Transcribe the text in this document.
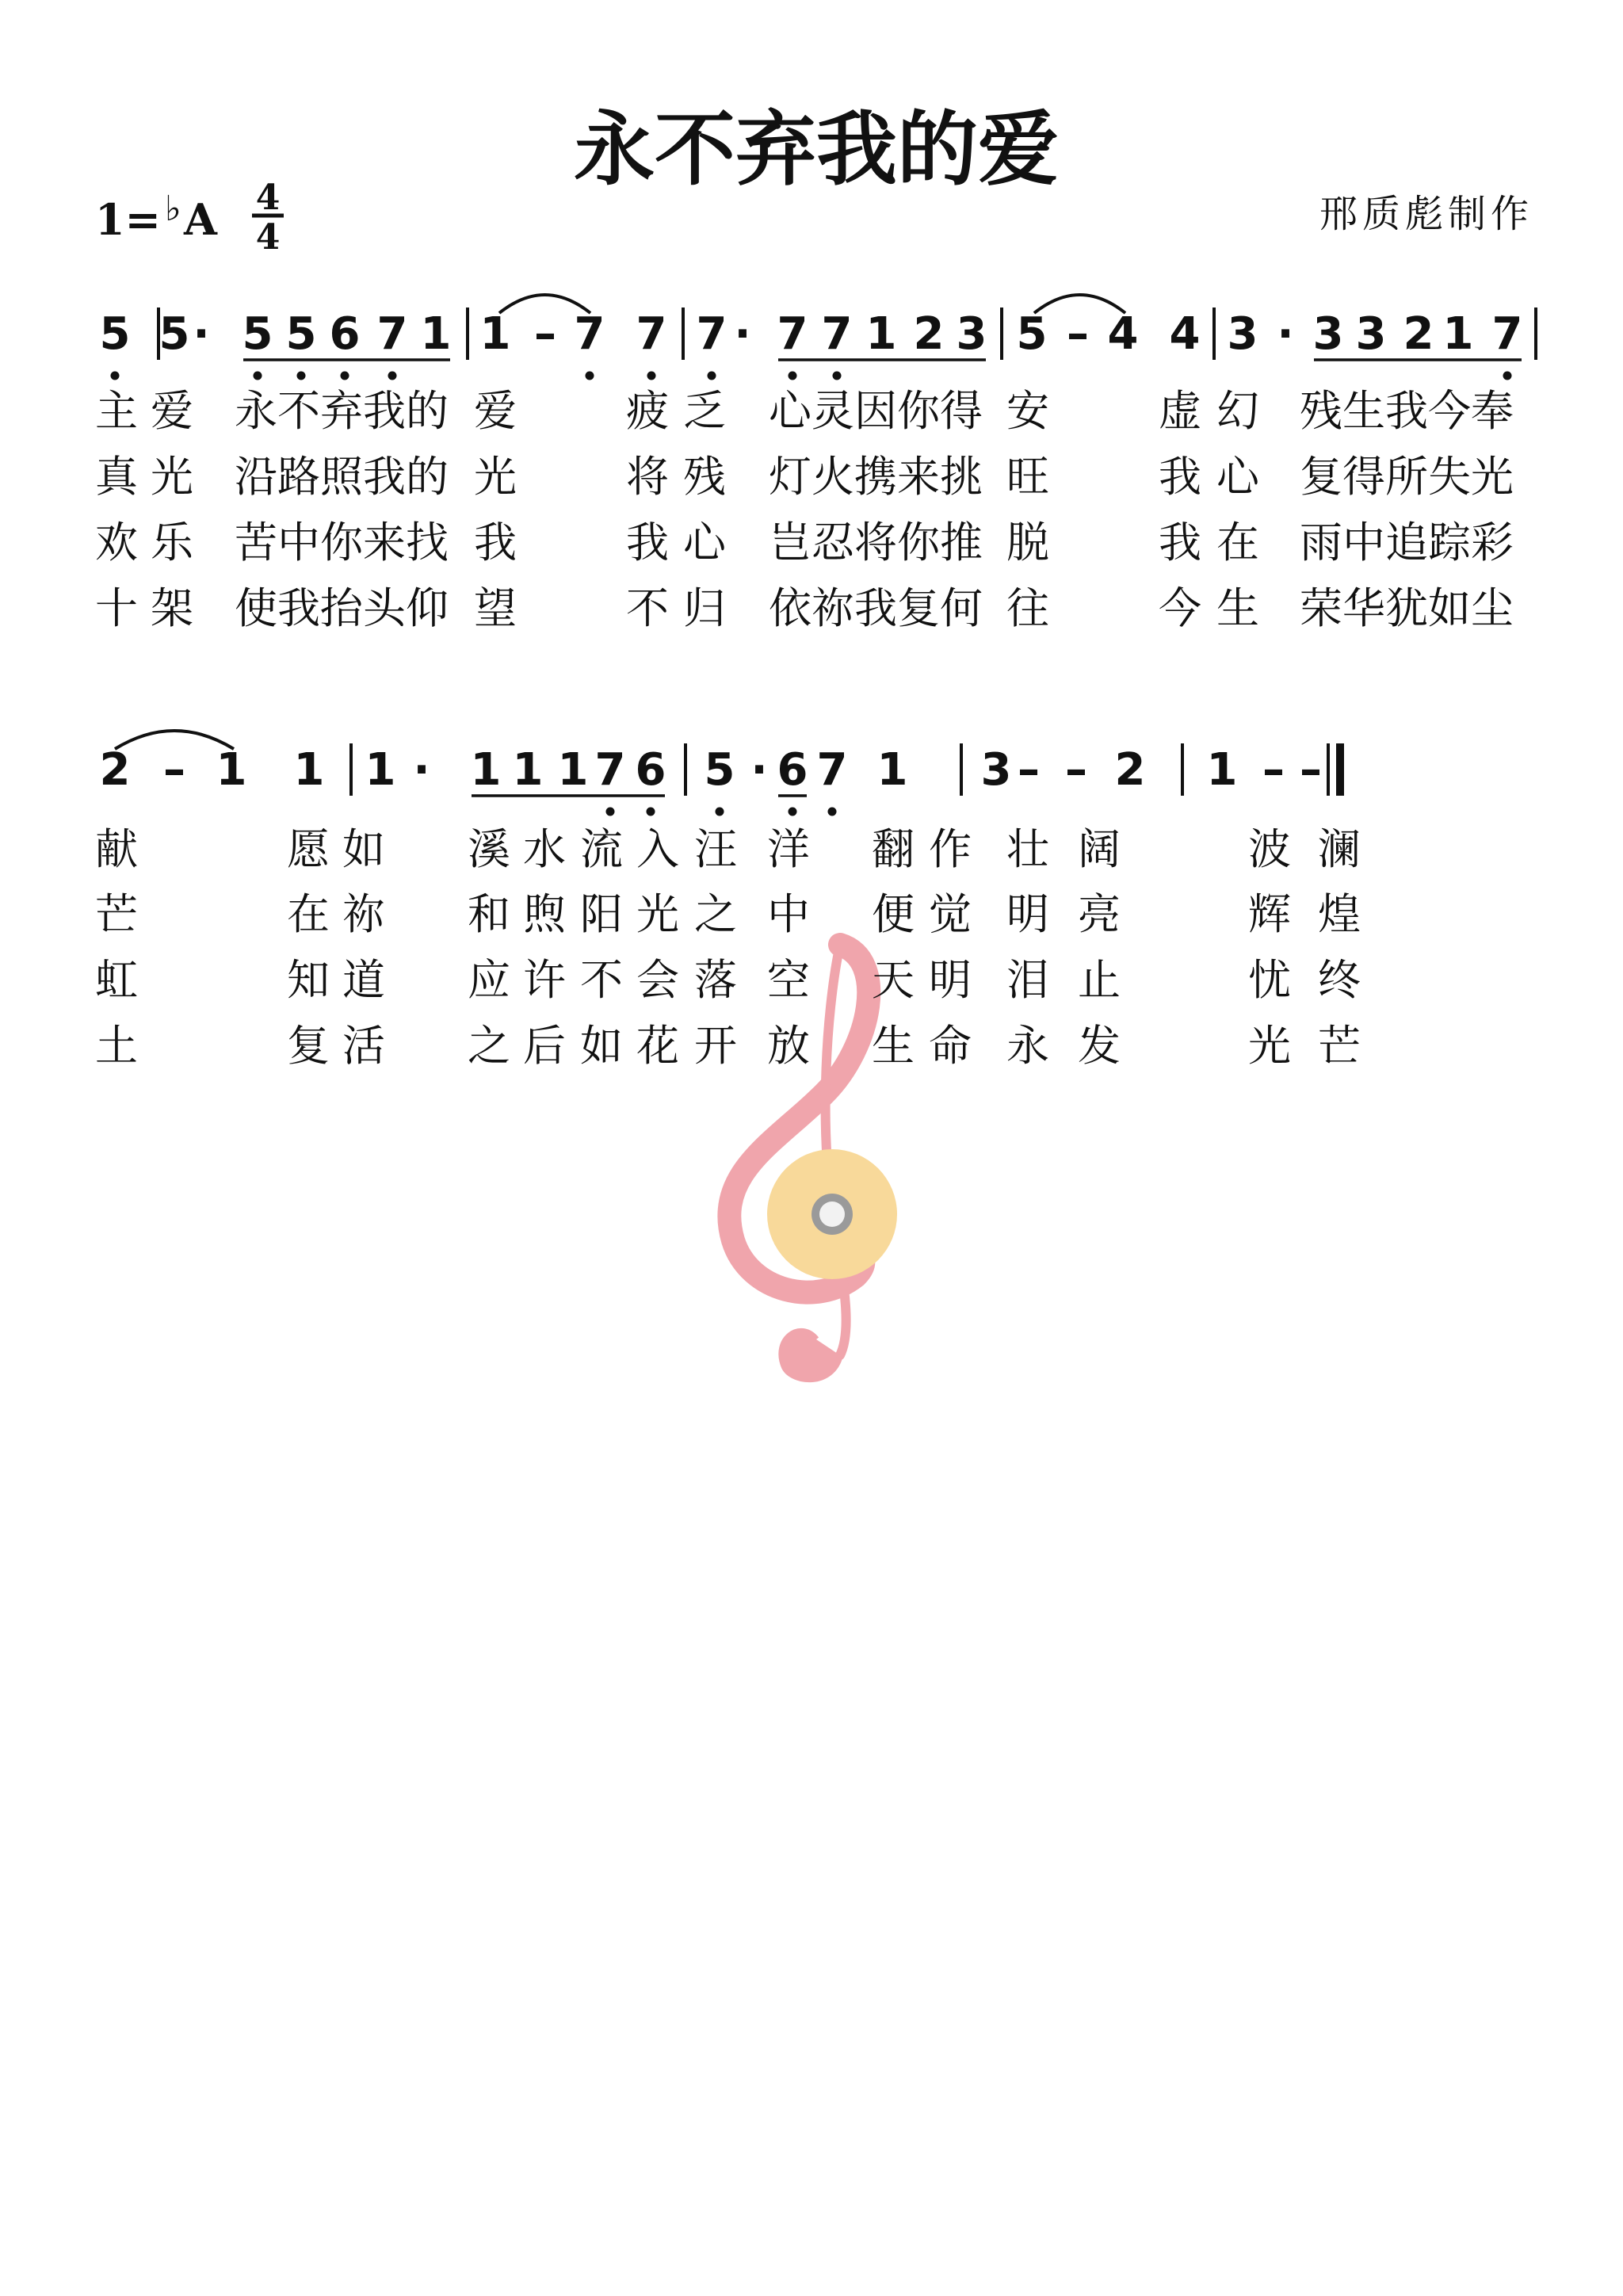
永不弃我的爱
1= ♭ A 4
4
邢质彪制作
5 5 · 5 5 6 7 1 1 – 7 7 7 · 7 7 1 2 3 5 – 4 4 3 · 3 3 2 1 7
主 爱 永不弃我的 爱	疲 乏 心灵因你得 安	虚 幻 残生我今奉
真 光 沿路照我的 光	将 残 灯火携来挑 旺	我 心 复得所失光
欢 乐 苦中你来找 我	我 心 岂忍将你推 脱	我 在 雨中追踪彩
十 架 使我抬头仰 望	不 归 依祢我复何 往	今 生 荣华犹如尘
2 – 1 1 1 · 1 1 1 7 6 5 · 6 7 1 3 – – 2 1 – –
献	愿 如 溪 水 流 入 汪 洋 翻 作 壮 阔	波 澜
芒	在 祢 和 煦 阳 光 之 中 便 觉 明 亮	辉 煌
虹	知 道 应 许 不 会 落 空 天 明 泪 止	忧 终
土	复 活 之 后 如 花 开 放 生 命 永 发	光 芒
